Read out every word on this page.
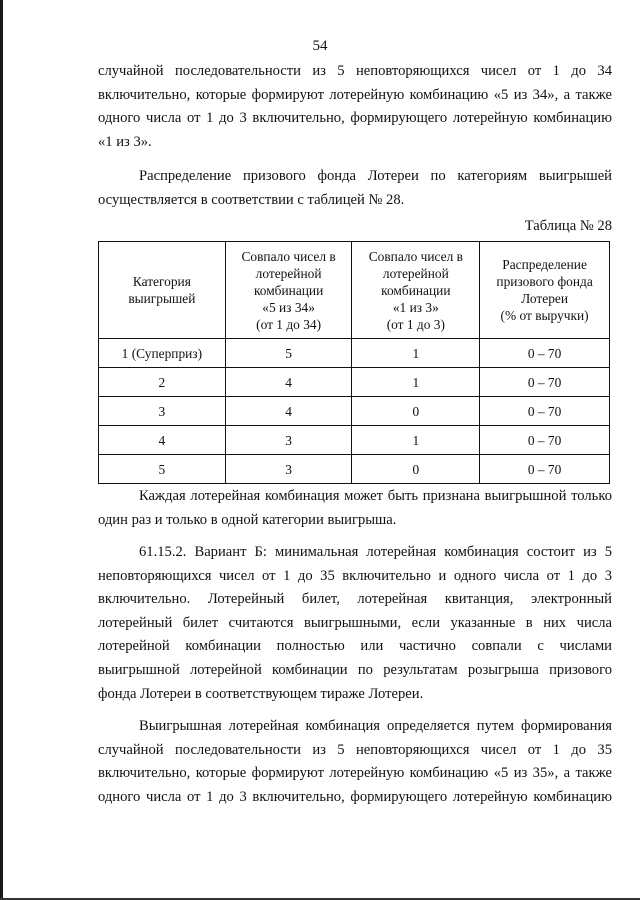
54
случайной последовательности из 5 неповторяющихся чисел от 1 до 34
включительно, которые формируют лотерейную комбинацию «5 из 34», а также
одного числа от 1 до 3 включительно, формирующего лотерейную комбинацию
«1 из 3».
Распределение призового фонда Лотереи по категориям выигрышей
осуществляется в соответствии с таблицей № 28.
Таблица № 28
Категория
выигрышей	Совпало чисел в
лотерейной
комбинации
«5 из 34»
(от 1 до 34)	Совпало чисел в
лотерейной
комбинации
«1 из 3»
(от 1 до 3)	Распределение
призового фонда
Лотереи
(% от выручки)
1 (Суперприз)	5	1	0 – 70
2	4	1	0 – 70
3	4	0	0 – 70
4	3	1	0 – 70
5	3	0	0 – 70
Каждая лотерейная комбинация может быть признана выигрышной только
один раз и только в одной категории выигрыша.
61.15.2. Вариант Б: минимальная лотерейная комбинация состоит из 5
неповторяющихся чисел от 1 до 35 включительно и одного числа от 1 до 3
включительно. Лотерейный билет, лотерейная квитанция, электронный
лотерейный билет считаются выигрышными, если указанные в них числа
лотерейной комбинации полностью или частично совпали с числами
выигрышной лотерейной комбинации по результатам розыгрыша призового
фонда Лотереи в соответствующем тираже Лотереи.
Выигрышная лотерейная комбинация определяется путем формирования
случайной последовательности из 5 неповторяющихся чисел от 1 до 35
включительно, которые формируют лотерейную комбинацию «5 из 35», а также
одного числа от 1 до 3 включительно, формирующего лотерейную комбинацию
